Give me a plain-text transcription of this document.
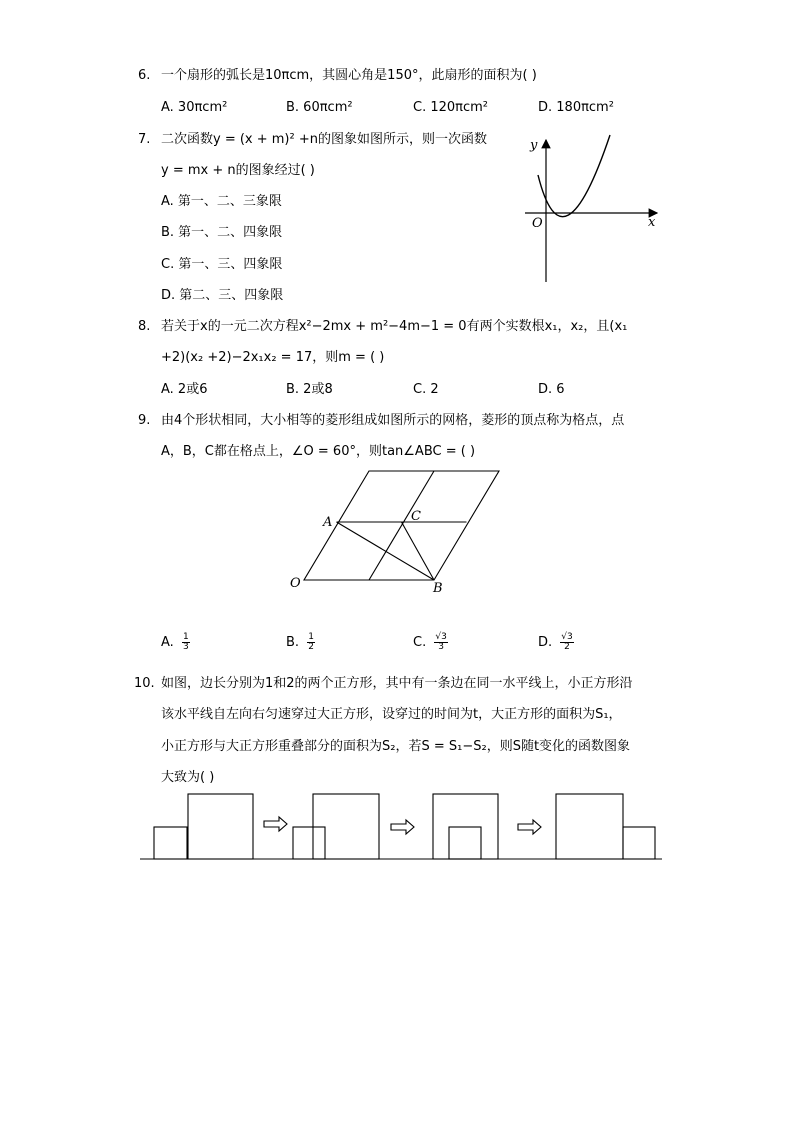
6. 一个扇形的弧长是10πcm，其圆心角是150°，此扇形的面积为( )
A. 30πcm²	B. 60πcm²	C. 120πcm²	D. 180πcm²
7. 二次函数y = (x + m)² +n的图象如图所示，则一次函数
y = mx + n的图象经过( )
A. 第一、二、三象限
B. 第一、二、四象限
C. 第一、三、四象限
D. 第二、三、四象限
y
x
O
8. 若关于x的一元二次方程x²−2mx + m²−4m−1 = 0有两个实数根x₁，x₂，且(x₁
+2)(x₂ +2)−2x₁x₂ = 17，则m = ( )
A. 2或6	B. 2或8	C. 2	D. 6
9. 由4个形状相同，大小相等的菱形组成如图所示的网格，菱形的顶点称为格点，点
A，B，C都在格点上，∠O = 60°，则tan∠ABC = ( )
A	C
O	B
A. $\frac{1}{3}$	B. $\frac{1}{2}$	C. $\frac{√3}{3}$	D. $\frac{√3}{2}$
10. 如图，边长分别为1和2的两个正方形，其中有一条边在同一水平线上，小正方形沿
该水平线自左向右匀速穿过大正方形，设穿过的时间为t，大正方形的面积为S₁，
小正方形与大正方形重叠部分的面积为S₂，若S = S₁−S₂，则S随t变化的函数图象
大致为( )
